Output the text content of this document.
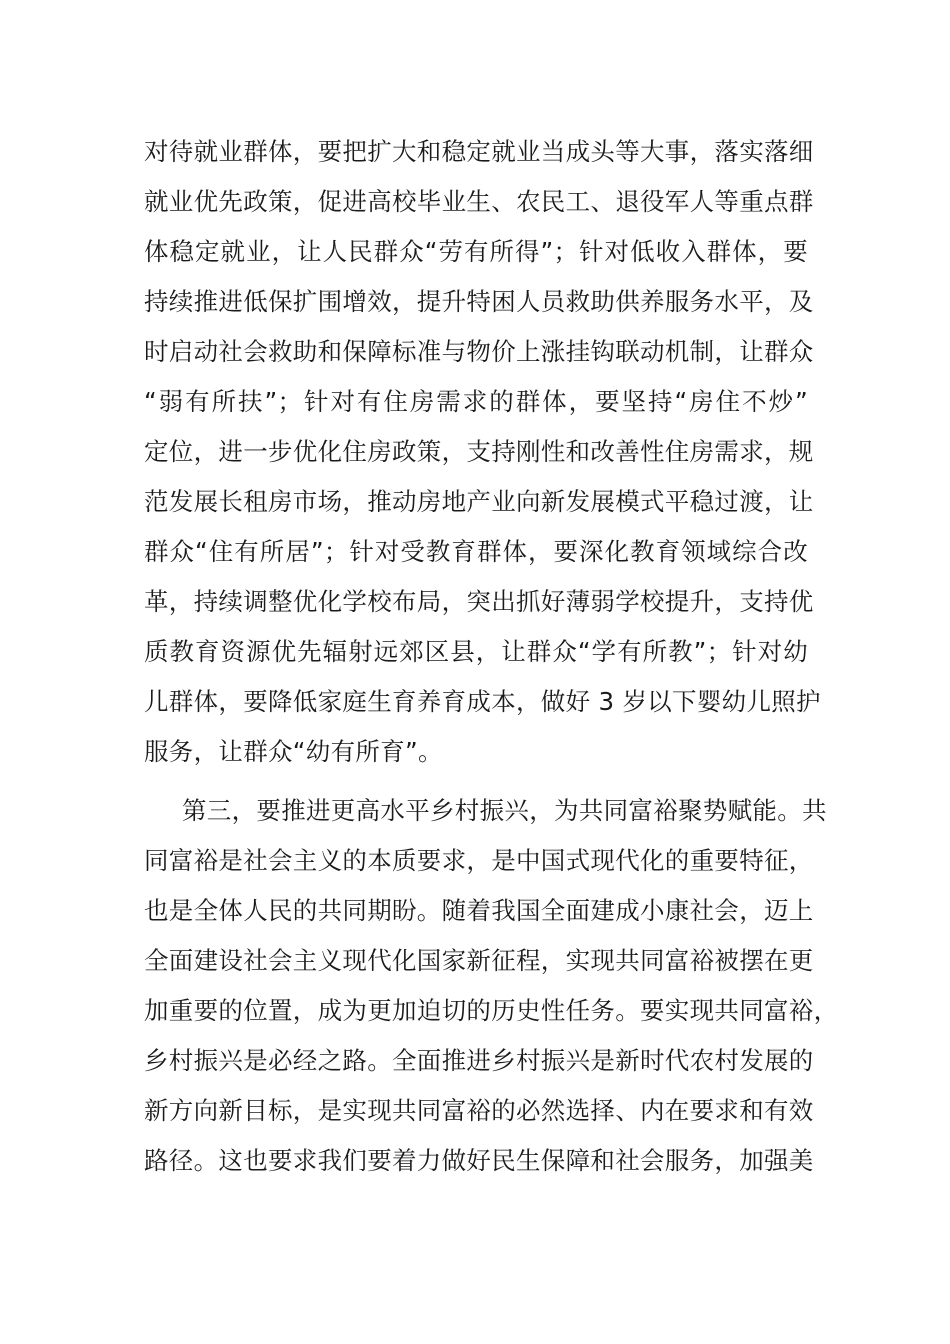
对待就业群体，要把扩大和稳定就业当成头等大事，落实落细
就业优先政策，促进高校毕业生、农民工、退役军人等重点群
体稳定就业，让人民群众“劳有所得”；针对低收入群体，要
持续推进低保扩围增效，提升特困人员救助供养服务水平，及
时启动社会救助和保障标准与物价上涨挂钩联动机制，让群众
“弱有所扶”；针对有住房需求的群体，要坚持“房住不炒”
定位，进一步优化住房政策，支持刚性和改善性住房需求，规
范发展长租房市场，推动房地产业向新发展模式平稳过渡，让
群众“住有所居”；针对受教育群体，要深化教育领域综合改
革，持续调整优化学校布局，突出抓好薄弱学校提升，支持优
质教育资源优先辐射远郊区县，让群众“学有所教”；针对幼
儿群体，要降低家庭生育养育成本，做好 3 岁以下婴幼儿照护
服务，让群众“幼有所育”。
第三，要推进更高水平乡村振兴，为共同富裕聚势赋能。共
同富裕是社会主义的本质要求，是中国式现代化的重要特征，
也是全体人民的共同期盼。随着我国全面建成小康社会，迈上
全面建设社会主义现代化国家新征程，实现共同富裕被摆在更
加重要的位置，成为更加迫切的历史性任务。要实现共同富裕，
乡村振兴是必经之路。全面推进乡村振兴是新时代农村发展的
新方向新目标，是实现共同富裕的必然选择、内在要求和有效
路径。这也要求我们要着力做好民生保障和社会服务，加强美
